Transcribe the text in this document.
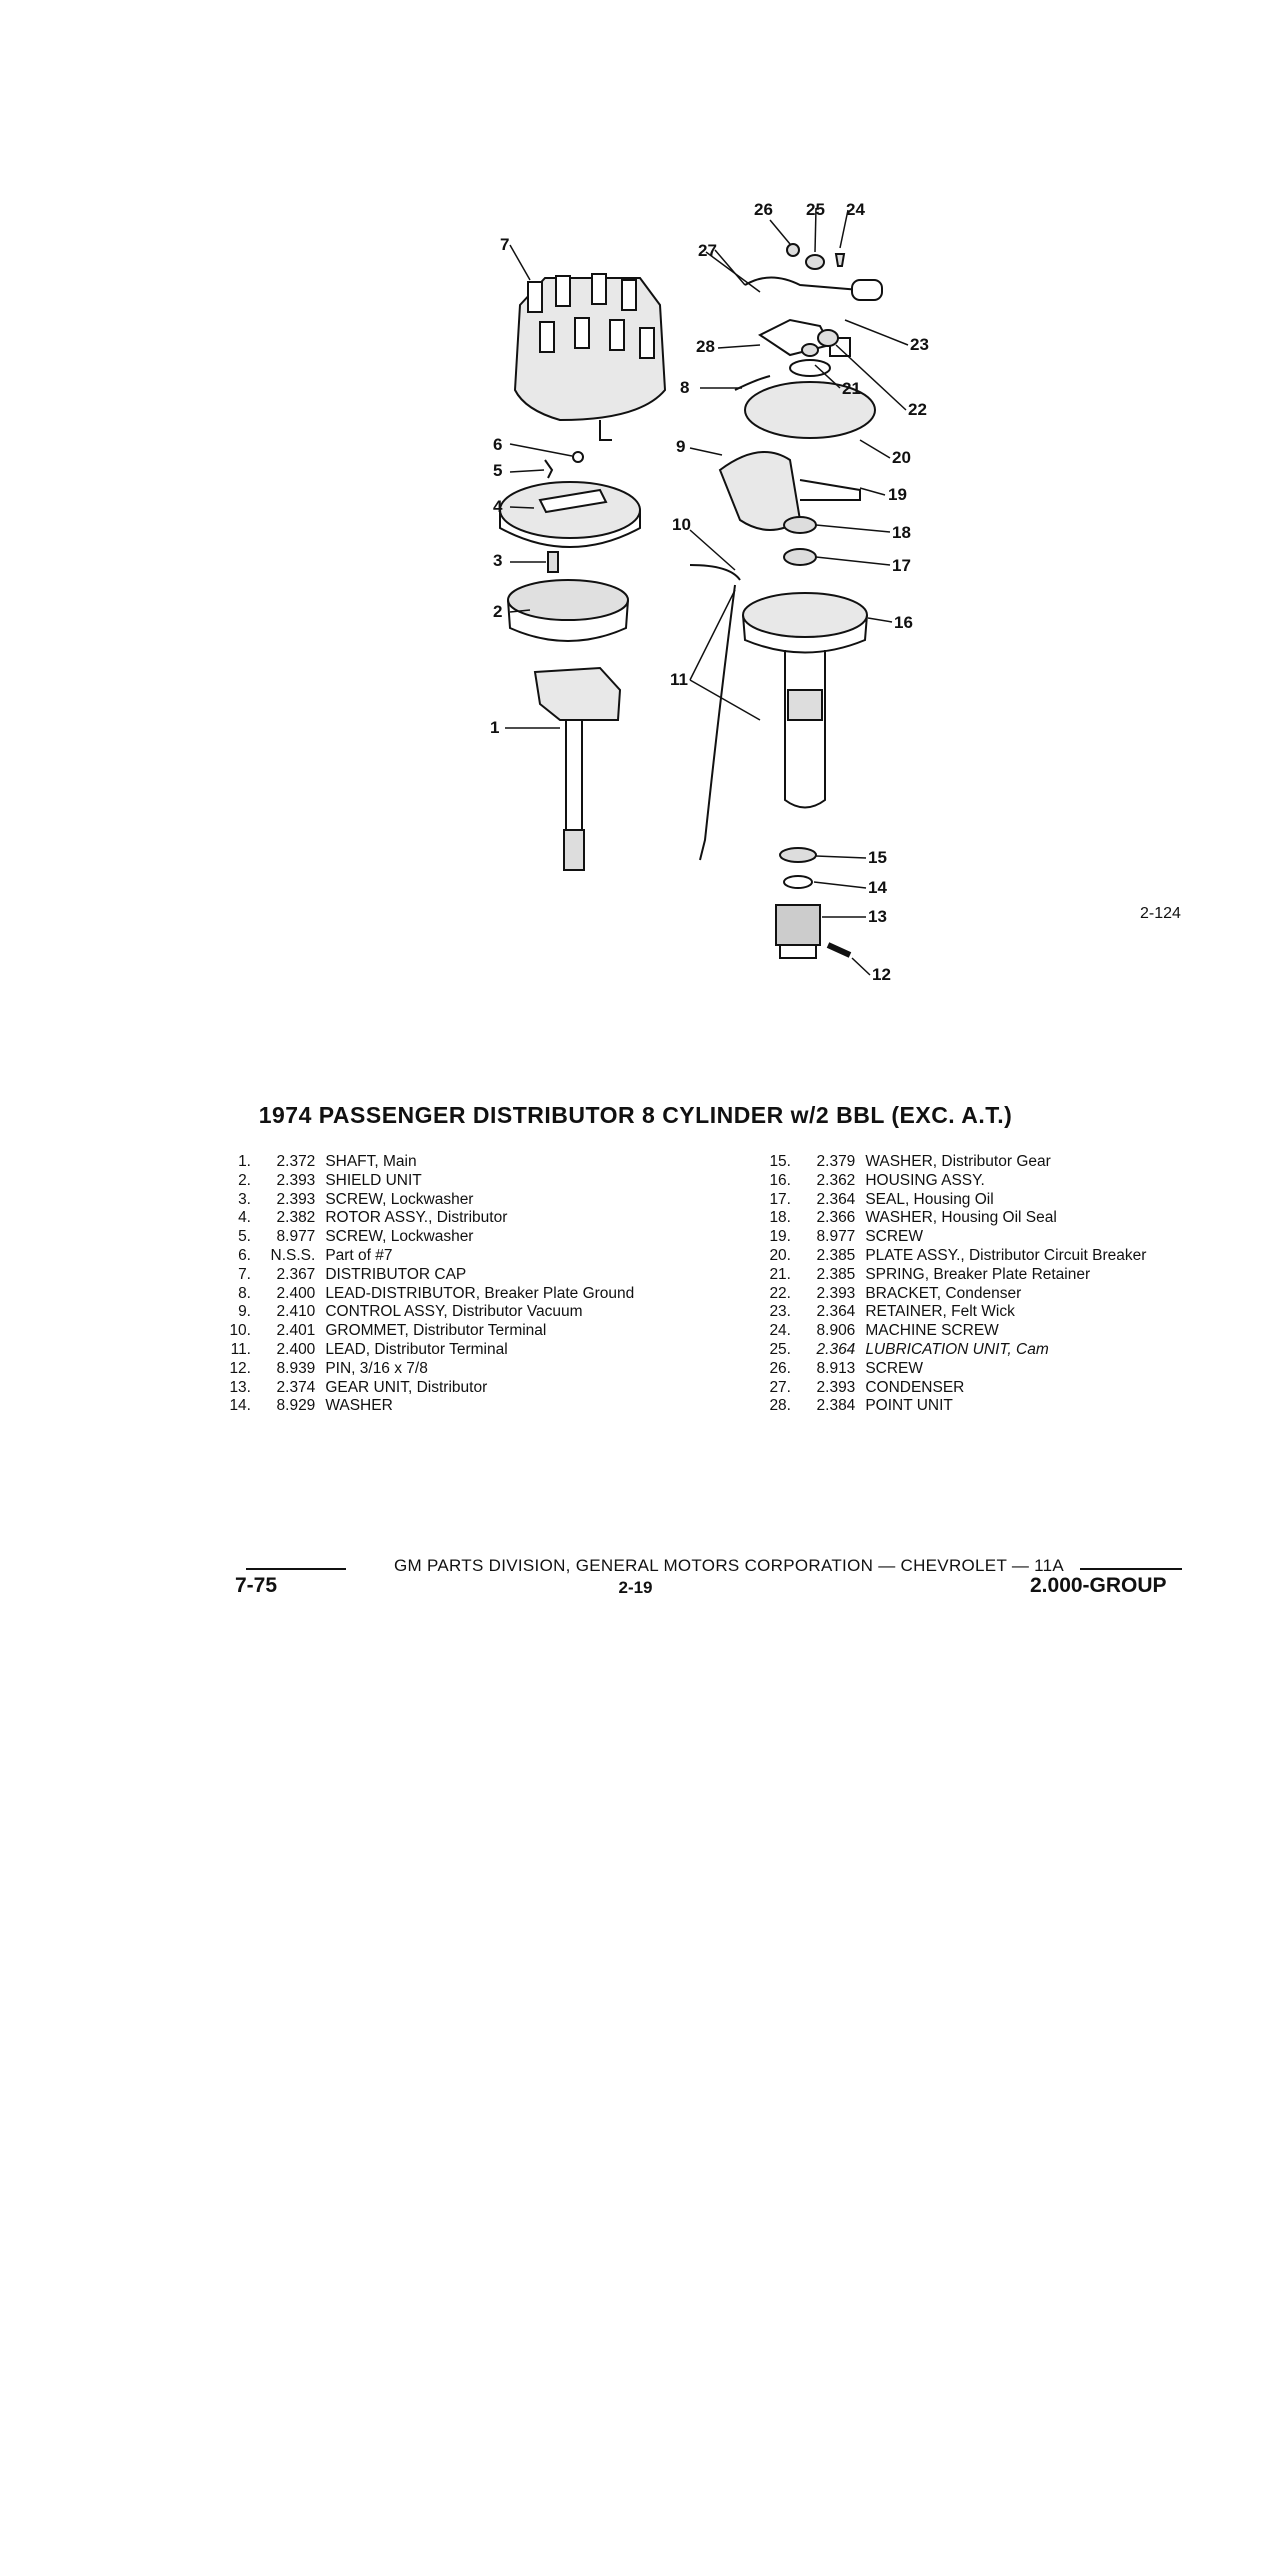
7
6
5
4
3
2
1
26 25 24
27
28
8
9
10
11
23
21
22
20
19
18
17
16
15
14
13
12
2-124
1974 PASSENGER DISTRIBUTOR 8 CYLINDER w/2 BBL (EXC. A.T.)
1. 2.372 SHAFT, Main
2. 2.393 SHIELD UNIT
3. 2.393 SCREW, Lockwasher
4. 2.382 ROTOR ASSY., Distributor
5. 8.977 SCREW, Lockwasher
6. N.S.S. Part of #7
7. 2.367 DISTRIBUTOR CAP
8. 2.400 LEAD-DISTRIBUTOR, Breaker Plate Ground
9. 2.410 CONTROL ASSY, Distributor Vacuum
10. 2.401 GROMMET, Distributor Terminal
11. 2.400 LEAD, Distributor Terminal
12. 8.939 PIN, 3/16 x 7/8
13. 2.374 GEAR UNIT, Distributor
14. 8.929 WASHER
15. 2.379 WASHER, Distributor Gear
16. 2.362 HOUSING ASSY.
17. 2.364 SEAL, Housing Oil
18. 2.366 WASHER, Housing Oil Seal
19. 8.977 SCREW
20. 2.385 PLATE ASSY., Distributor Circuit Breaker
21. 2.385 SPRING, Breaker Plate Retainer
22. 2.393 BRACKET, Condenser
23. 2.364 RETAINER, Felt Wick
24. 8.906 MACHINE SCREW
25. 2.364 LUBRICATION UNIT, Cam
26. 8.913 SCREW
27. 2.393 CONDENSER
28. 2.384 POINT UNIT
GM PARTS DIVISION, GENERAL MOTORS CORPORATION — CHEVROLET — 11A
2-19
7-75	2.000-GROUP
